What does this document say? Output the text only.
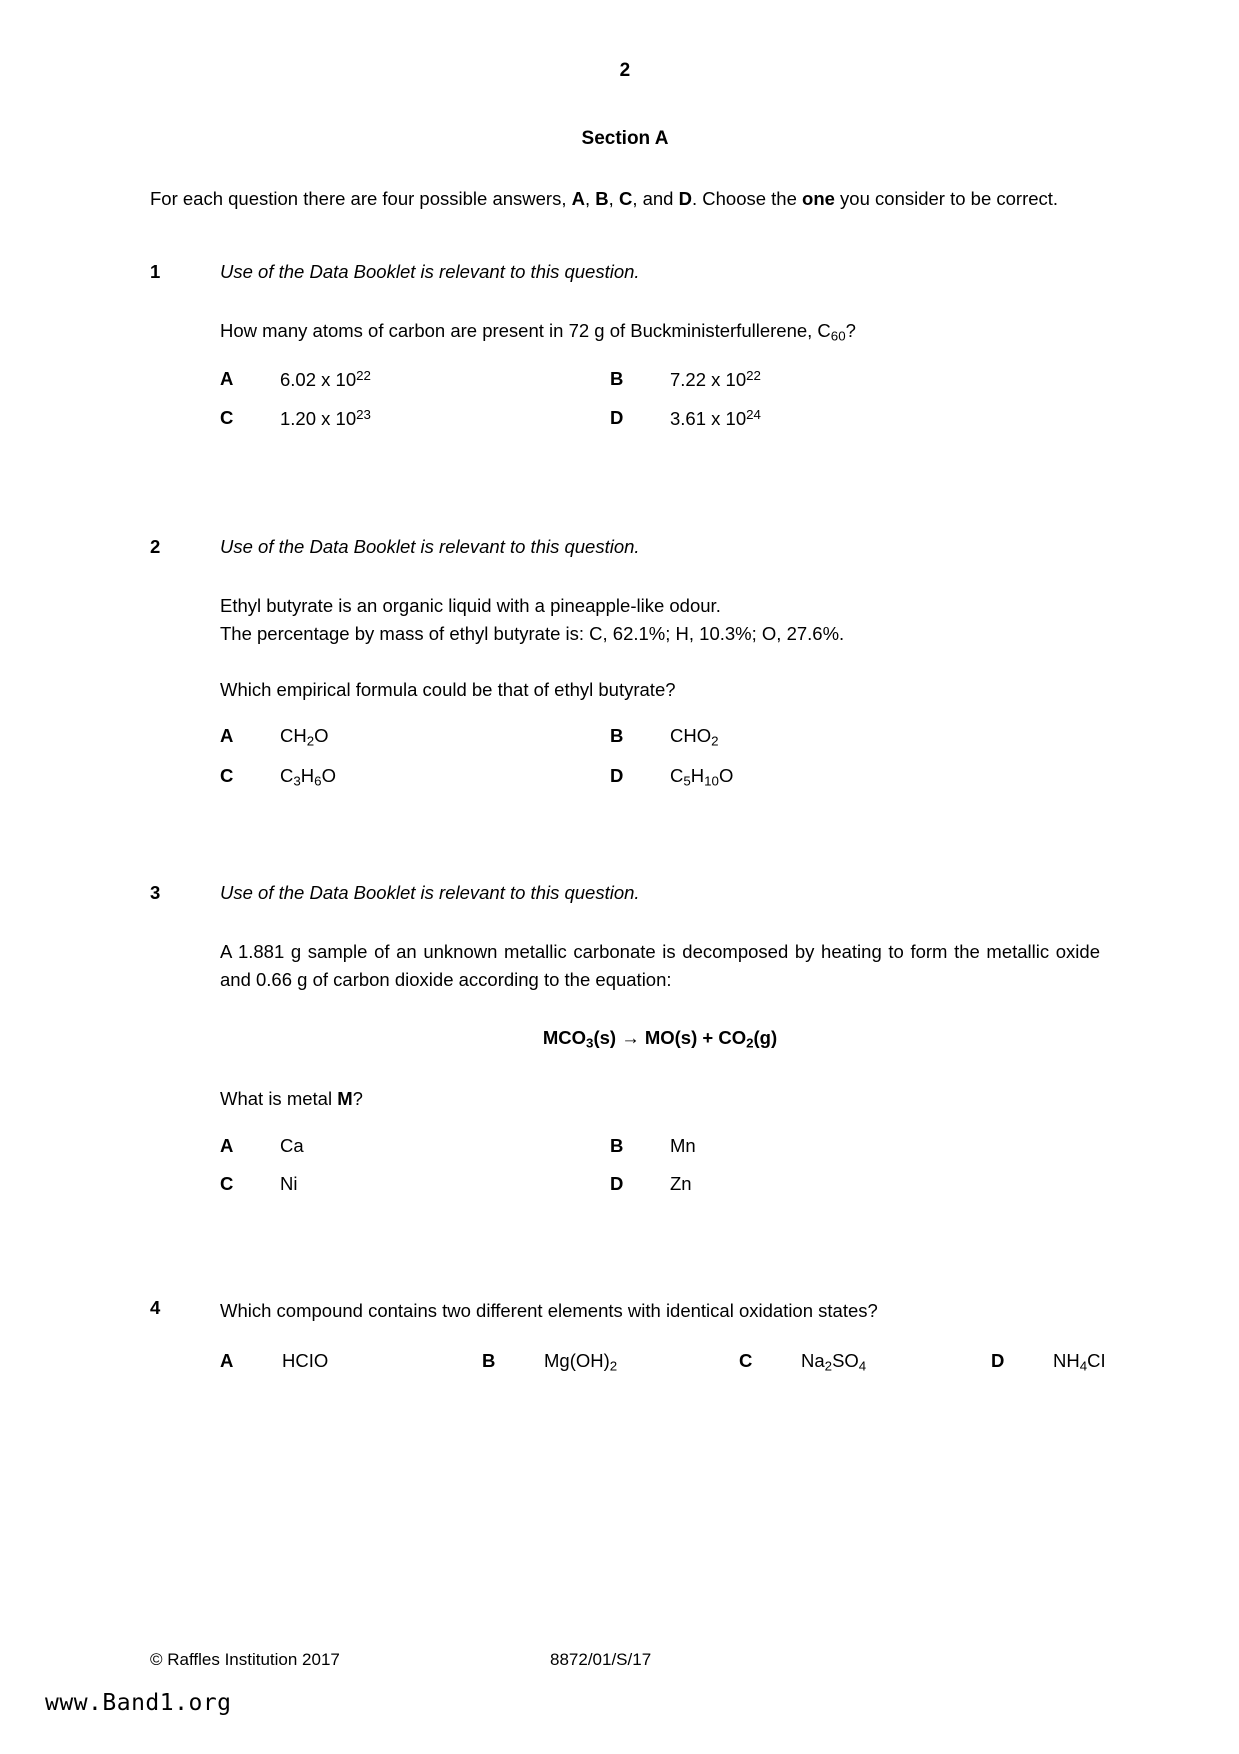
2
Section A

For each question there are four possible answers, A, B, C, and D. Choose the one you consider to be correct.

1	Use of the Data Booklet is relevant to this question.
How many atoms of carbon are present in 72 g of Buckministerfullerene, $C_{60}$?
A	6.02 x $10^{22}$	B	7.22 x $10^{22}$
C	1.20 x $10^{23}$	D	3.61 x $10^{24}$
2	Use of the Data Booklet is relevant to this question.
Ethyl butyrate is an organic liquid with a pineapple-like odour.
The percentage by mass of ethyl butyrate is: C, 62.1%; H, 10.3%; O, 27.6%.
Which empirical formula could be that of ethyl butyrate?
A	$CH_2O$	B	$CHO_2$
C	$C_3H_6O$	D	$C_5H_{10}O$
3	Use of the Data Booklet is relevant to this question.
A 1.881 g sample of an unknown metallic carbonate is decomposed by heating to form the metallic oxide and 0.66 g of carbon dioxide according to the equation:
$MCO_3(s) \to MO(s) + CO_2(g)$
What is metal M?
A	Ca	B	Mn
C	Ni	D	Zn
4	Which compound contains two different elements with identical oxidation states?
A	HCIO	B	$Mg(OH)_2$	C	$Na_2SO_4$	D	$NH_4CI$
© Raffles Institution 2017	8872/01/S/17
www.Band1.org
